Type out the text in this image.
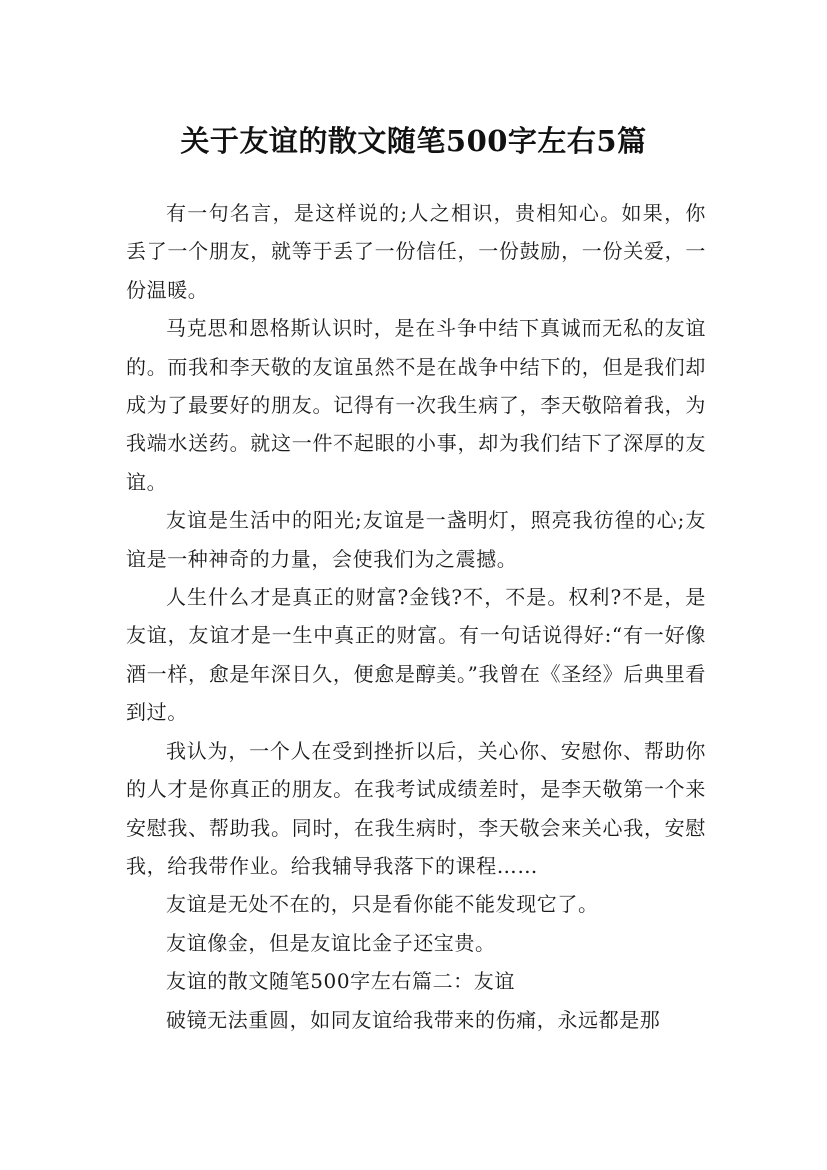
关于友谊的散文随笔500字左右5篇

有一句名言，是这样说的;人之相识，贵相知心。如果，你丢了一个朋友，就等于丢了一份信任，一份鼓励，一份关爱，一份温暖。

马克思和恩格斯认识时，是在斗争中结下真诚而无私的友谊的。而我和李天敬的友谊虽然不是在战争中结下的，但是我们却成为了最要好的朋友。记得有一次我生病了，李天敬陪着我，为我端水送药。就这一件不起眼的小事，却为我们结下了深厚的友谊。

友谊是生活中的阳光;友谊是一盏明灯，照亮我彷徨的心;友谊是一种神奇的力量，会使我们为之震撼。

人生什么才是真正的财富?金钱?不，不是。权利?不是，是友谊，友谊才是一生中真正的财富。有一句话说得好:“有一好像酒一样，愈是年深日久，便愈是醇美。”我曾在《圣经》后典里看到过。

我认为，一个人在受到挫折以后，关心你、安慰你、帮助你的人才是你真正的朋友。在我考试成绩差时，是李天敬第一个来安慰我、帮助我。同时，在我生病时，李天敬会来关心我，安慰我，给我带作业。给我辅导我落下的课程……

友谊是无处不在的，只是看你能不能发现它了。

友谊像金，但是友谊比金子还宝贵。

友谊的散文随笔500字左右篇二：友谊

破镜无法重圆，如同友谊给我带来的伤痛，永远都是那
